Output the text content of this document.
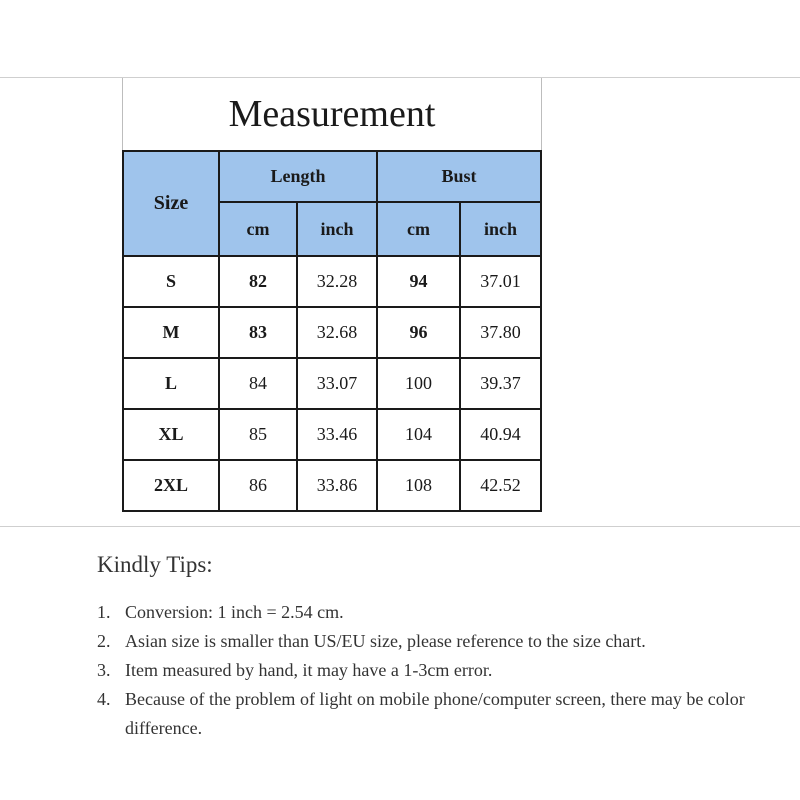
Measurement
Size	Length		Bust	
	cm	inch	cm	inch
S	82	32.28	94	37.01
M	83	32.68	96	37.80
L	84	33.07	100	39.37
XL	85	33.46	104	40.94
2XL	86	33.86	108	42.52
Kindly Tips:
1. Conversion: 1 inch = 2.54 cm.
2. Asian size is smaller than US/EU size, please reference to the size chart.
3. Item measured by hand, it may have a 1-3cm error.
4. Because of the problem of light on mobile phone/computer screen, there may be color difference.
